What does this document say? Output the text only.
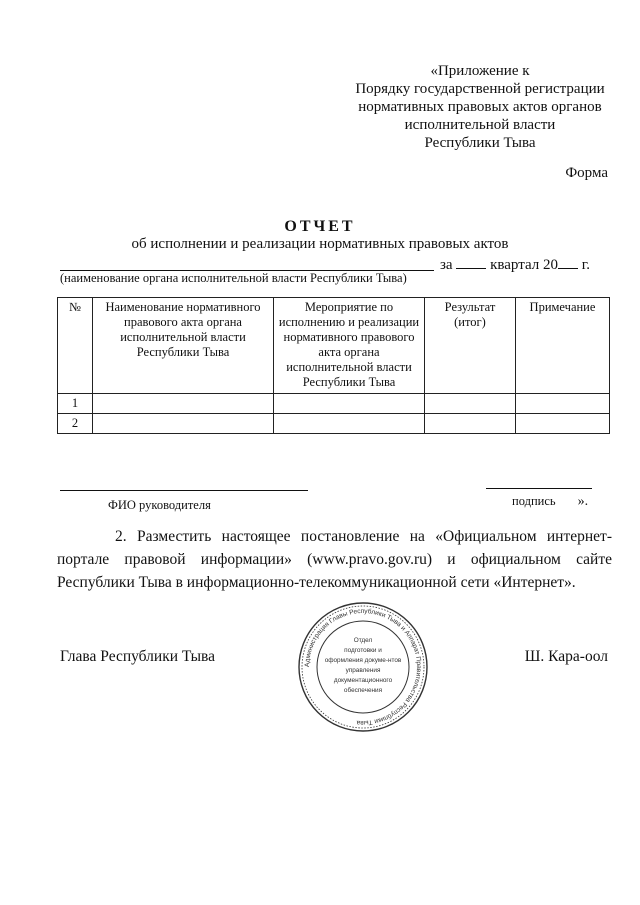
«Приложение к
Порядку государственной регистрации
нормативных правовых актов органов
исполнительной власти
Республики Тыва
Форма
ОТЧЕТ
об исполнении и реализации нормативных правовых актов
за	квартал 20 г.
(наименование органа исполнительной власти Республики Тыва)
№	Наименование нормативного правового акта органа исполнительной власти Республики Тыва	Мероприятие по исполнению и реализации нормативного правового акта органа исполнительной власти Республики Тыва	Результат (итог)	Примечание
1				
2				
ФИО руководителя	подпись ».
2. Разместить настоящее постановление на «Официальном интернет-портале правовой информации» (www.pravo.gov.ru) и официальном сайте Республики Тыва в информационно-телекоммуникационной сети «Интернет».
Глава Республики Тыва	Ш. Кара-оол
Администрация Главы Республики Тыва и Аппарат Правительства Республики Тыва
Отдел
подготовки и
оформления докуме-нтов
управления
документационного
обеспечения
